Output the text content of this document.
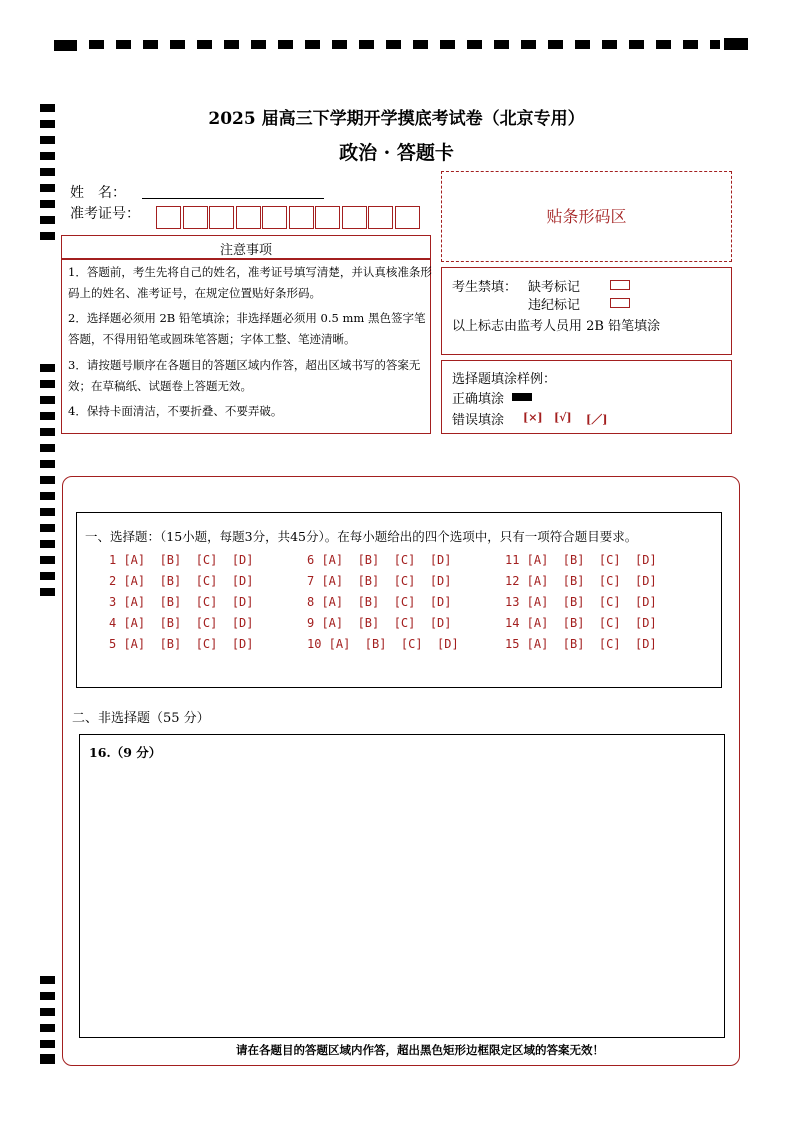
2025 届高三下学期开学摸底考试卷（北京专用）
政治 · 答题卡
姓　名：
准考证号：	贴条形码区
注意事项
1．答题前，考生先将自己的姓名，准考证号填写清楚，并认真核准条形码上的姓名、准考证号，在规定位置贴好条形码。
2．选择题必须用 2B 铅笔填涂；非选择题必须用 0.5 mm 黑色签字笔答题，不得用铅笔或圆珠笔答题；字体工整、笔迹清晰。
3．请按题号顺序在各题目的答题区域内作答，超出区域书写的答案无效；在草稿纸、试题卷上答题无效。
4．保持卡面清洁，不要折叠、不要弄破。
考生禁填： 缺考标记
违纪标记
以上标志由监考人员用 2B 铅笔填涂
选择题填涂样例：
正确填涂
错误填涂 [×] [√] [／]
一、选择题：（15小题，每题3分，共45分）。在每小题给出的四个选项中，只有一项符合题目要求。
1 [A]  [B]  [C]  [D]
2 [A]  [B]  [C]  [D]
3 [A]  [B]  [C]  [D]
4 [A]  [B]  [C]  [D]
5 [A]  [B]  [C]  [D]
6 [A]  [B]  [C]  [D]
7 [A]  [B]  [C]  [D]
8 [A]  [B]  [C]  [D]
9 [A]  [B]  [C]  [D]
10 [A]  [B]  [C]  [D]
11 [A]  [B]  [C]  [D]
12 [A]  [B]  [C]  [D]
13 [A]  [B]  [C]  [D]
14 [A]  [B]  [C]  [D]
15 [A]  [B]  [C]  [D]
二、非选择题（55 分）
16.（9 分）
请在各题目的答题区域内作答，超出黑色矩形边框限定区域的答案无效！
